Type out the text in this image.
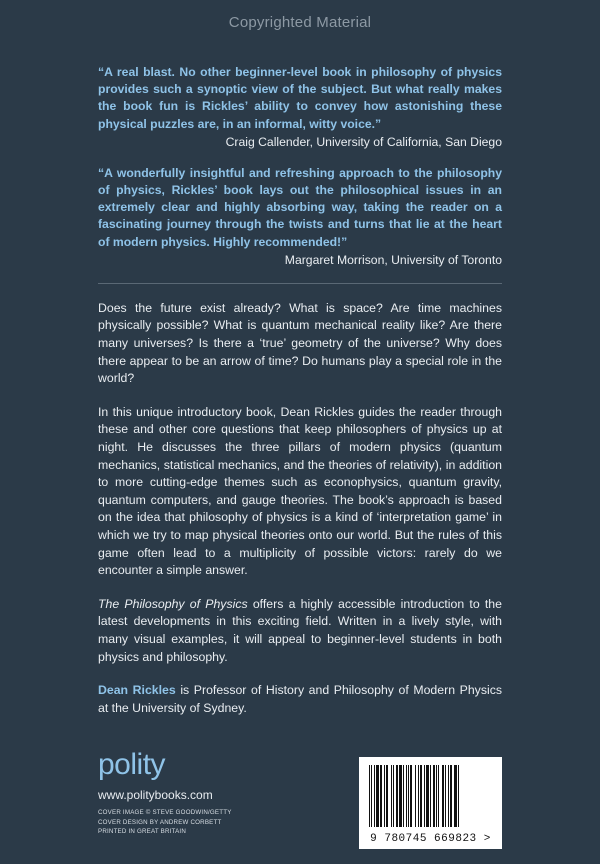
Copyrighted Material

“A real blast. No other beginner-level book in philosophy of physics provides such a synoptic view of the subject. But what really makes the book fun is Rickles’ ability to convey how astonishing these physical puzzles are, in an informal, witty voice.”

Craig Callender, University of California, San Diego

“A wonderfully insightful and refreshing approach to the philosophy of physics, Rickles’ book lays out the philosophical issues in an extremely clear and highly absorbing way, taking the reader on a fascinating journey through the twists and turns that lie at the heart of modern physics. Highly recommended!”

Margaret Morrison, University of Toronto

Does the future exist already? What is space? Are time machines physically possible? What is quantum mechanical reality like? Are there many universes? Is there a ‘true’ geometry of the universe? Why does there appear to be an arrow of time? Do humans play a special role in the world?

In this unique introductory book, Dean Rickles guides the reader through these and other core questions that keep philosophers of physics up at night. He discusses the three pillars of modern physics (quantum mechanics, statistical mechanics, and the theories of relativity), in addition to more cutting-edge themes such as econophysics, quantum gravity, quantum computers, and gauge theories. The book’s approach is based on the idea that philosophy of physics is a kind of ‘interpretation game’ in which we try to map physical theories onto our world. But the rules of this game often lead to a multiplicity of possible victors: rarely do we encounter a simple answer.

The Philosophy of Physics offers a highly accessible introduction to the latest developments in this exciting field. Written in a lively style, with many visual examples, it will appeal to beginner-level students in both physics and philosophy.

Dean Rickles is Professor of History and Philosophy of Modern Physics at the University of Sydney.

polity
www.politybooks.com
COVER IMAGE © STEVE GOODWIN/GETTY
COVER DESIGN BY ANDREW CORBETT
PRINTED IN GREAT BRITAIN
9 780745 669823 >
